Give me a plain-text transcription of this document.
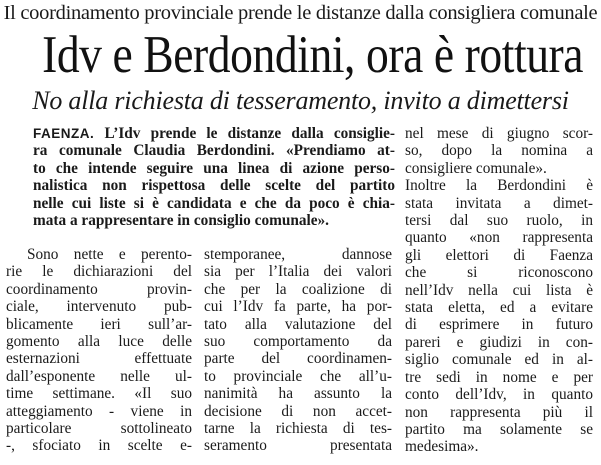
Il coordinamento provinciale prende le distanze dalla consigliera comunale
Idv e Berdondini, ora è rottura
No alla richiesta di tesseramento, invito a dimettersi
FAENZA. L’Idv prende le distanze dalla consiglie-
ra comunale Claudia Berdondini. «Prendiamo at-
to che intende seguire una linea di azione perso-
nalistica non rispettosa delle scelte del partito
nelle cui liste si è candidata e che da poco è chia-
mata a rappresentare in consiglio comunale».
Sono nette e perento-
rie le dichiarazioni del
coordinamento provin-
ciale, intervenuto pub-
blicamente ieri sull’ar-
gomento alla luce delle
esternazioni effettuate
dall’esponente nelle ul-
time settimane. «Il suo
atteggiamento - viene in
particolare sottolineato
-, sfociato in scelte e-
stemporanee, dannose
sia per l’Italia dei valori
che per la coalizione di
cui l’Idv fa parte, ha por-
tato alla valutazione del
suo comportamento da
parte del coordinamen-
to provinciale che all’u-
nanimità ha assunto la
decisione di non accet-
tarne la richiesta di tes-
seramento presentata
nel mese di giugno scor-
so, dopo la nomina a
consigliere comunale».
Inoltre la Berdondini è
stata invitata a dimet-
tersi dal suo ruolo, in
quanto «non rappresenta
gli elettori di Faenza
che si riconoscono
nell’Idv nella cui lista è
stata eletta, ed a evitare
di esprimere in futuro
pareri e giudizi in con-
siglio comunale ed in al-
tre sedi in nome e per
conto dell’Idv, in quanto
non rappresenta più il
partito ma solamente se
medesima».
